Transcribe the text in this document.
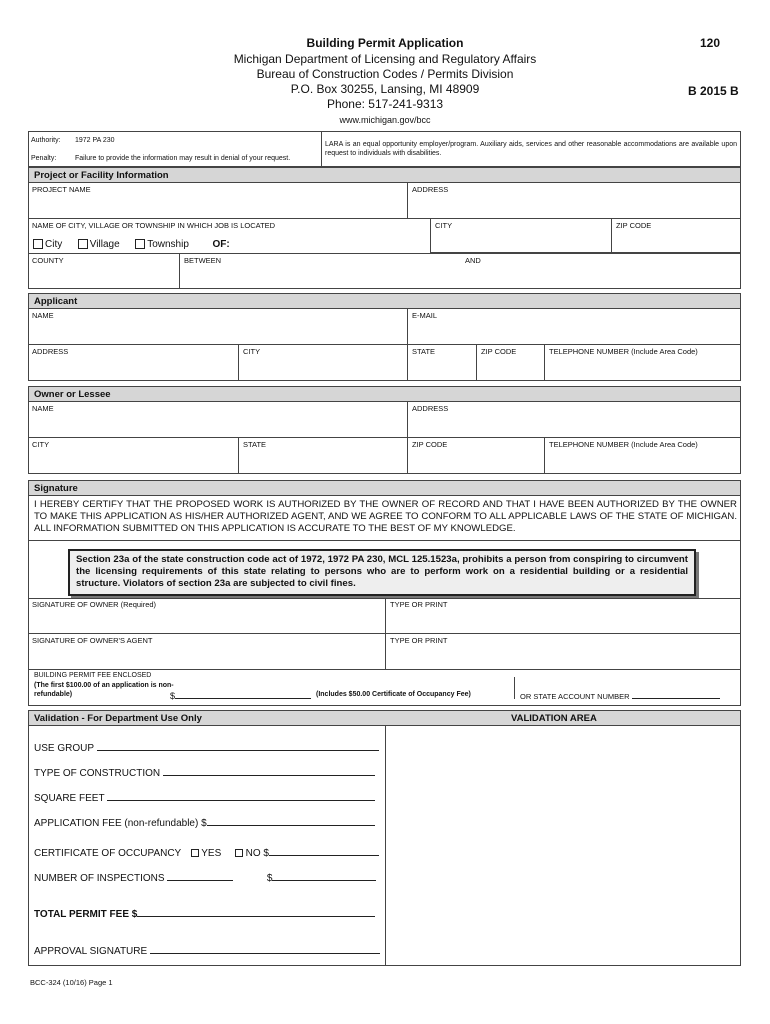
Building Permit Application
Michigan Department of Licensing and Regulatory Affairs
Bureau of Construction Codes / Permits Division
P.O. Box 30255, Lansing, MI 48909
Phone: 517-241-9313
www.michigan.gov/bcc
120
B 2015 B
Authority: 1972 PA 230
Penalty:	Failure to provide the information may result in denial of your request.
LARA is an equal opportunity employer/program. Auxiliary aids, services and other reasonable accommodations are available upon request to individuals with disabilities.
Project or Facility Information
PROJECT NAME	ADDRESS
NAME OF CITY, VILLAGE OR TOWNSHIP IN WHICH JOB IS LOCATED	CITY	ZIP CODE
City	Village	Township OF:
COUNTY	BETWEEN	AND
Applicant
NAME	E-MAIL
ADDRESS	CITY	STATE	ZIP CODE	TELEPHONE NUMBER (Include Area Code)
Owner or Lessee
NAME	ADDRESS
CITY	STATE	ZIP CODE	TELEPHONE NUMBER (Include Area Code)
Signature
I HEREBY CERTIFY THAT THE PROPOSED WORK IS AUTHORIZED BY THE OWNER OF RECORD AND THAT I HAVE BEEN AUTHORIZED BY THE OWNER TO MAKE THIS APPLICATION AS HIS/HER AUTHORIZED AGENT, AND WE AGREE TO CONFORM TO ALL APPLICABLE LAWS OF THE STATE OF MICHIGAN. ALL INFORMATION SUBMITTED ON THIS APPLICATION IS ACCURATE TO THE BEST OF MY KNOWLEDGE.
Section 23a of the state construction code act of 1972, 1972 PA 230, MCL 125.1523a, prohibits a person from conspiring to circumvent the licensing requirements of this state relating to persons who are to perform work on a residential building or a residential structure. Violators of section 23a are subjected to civil fines.
SIGNATURE OF OWNER (Required)	TYPE OR PRINT
SIGNATURE OF OWNER'S AGENT	TYPE OR PRINT
BUILDING PERMIT FEE ENCLOSED
(The first $100.00 of an application is non-refundable)	$	(Includes $50.00 Certificate of Occupancy Fee)	OR STATE ACCOUNT NUMBER
Validation - For Department Use Only	VALIDATION AREA
USE GROUP
TYPE OF CONSTRUCTION
SQUARE FEET
APPLICATION FEE (non-refundable) $
CERTIFICATE OF OCCUPANCY YES NO $
NUMBER OF INSPECTIONS	$
TOTAL PERMIT FEE $
APPROVAL SIGNATURE
BCC-324 (10/16) Page 1
